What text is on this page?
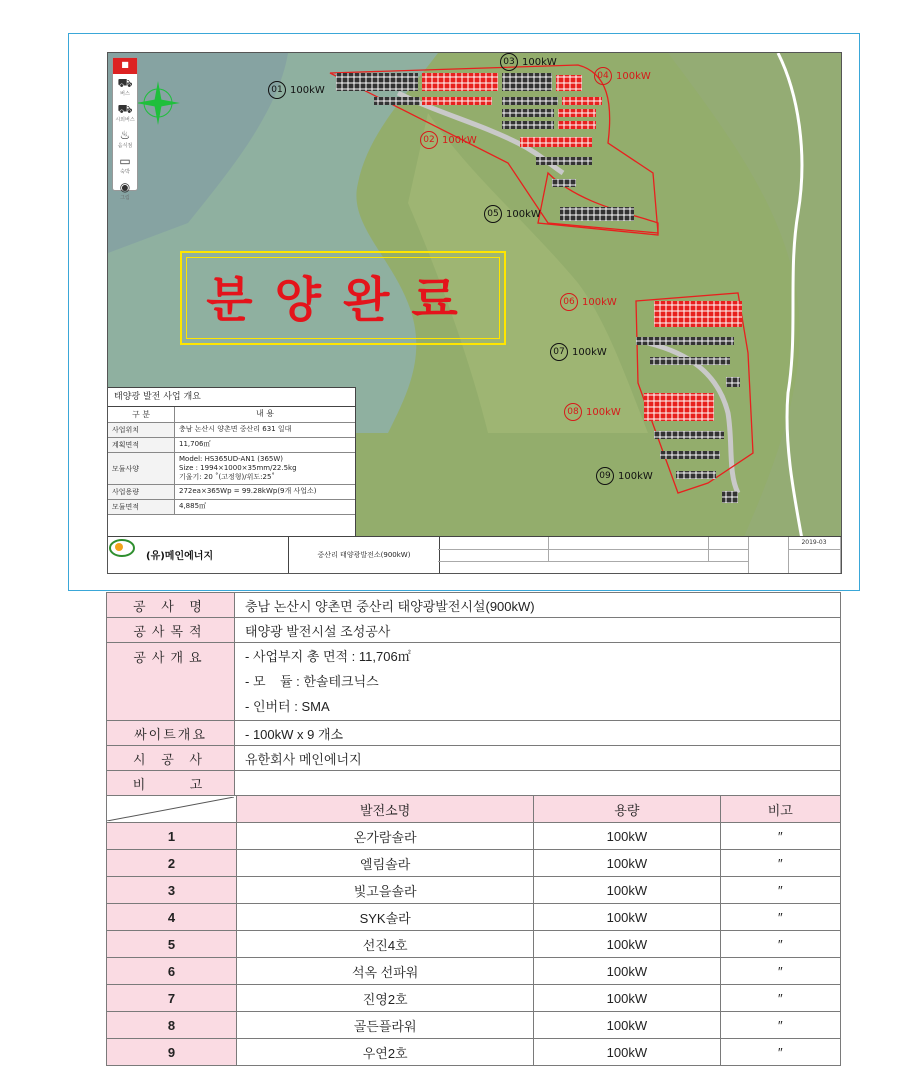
■
⛟
버스
⛟
시외버스
♨
음식점
▭
숙박
◉
그림
01 100kW
02 100kW
03 100kW
04 100kW
05 100kW
06 100kW
07 100kW
08 100kW
09 100kW
분양완료
태양광 발전 사업 개요
구 분	내 용
사업위치	충남 논산시 양촌면 중산리 631 일대
계획면적	11,706㎡
모듈사양
Model: HS365UD-AN1 (365W)
Size : 1994×1000×35mm/22.5kg
기울기: 20 ˚(고정형)/위도:25˚
사업용량	272ea×365Wp = 99.28kWp(9개 사업소)
모듈면적	4,885㎡
(유)메인에너지	중산리 태양광발전소(900kW)
2019-03
공 사 명	충남 논산시 양촌면 중산리 태양광발전시설(900kW)
공사목적	태양광 발전시설 조성공사
공사개요	- 사업부지 총 면적 : 11,706㎡
- 모    듈 : 한솔테크닉스
- 인버터 : SMA

싸이트개요	- 100kW x 9 개소
시 공 사	유한회사 메인에너지
비    고	
	발전소명	용량	비고
1	온가람솔라	100kW	″
2	엘림솔라	100kW	″
3	빛고을솔라	100kW	″
4	SYK솔라	100kW	″
5	선진4호	100kW	″
6	석옥 선파워	100kW	″
7	진영2호	100kW	″
8	골든플라워	100kW	″
9	우연2호	100kW	″
